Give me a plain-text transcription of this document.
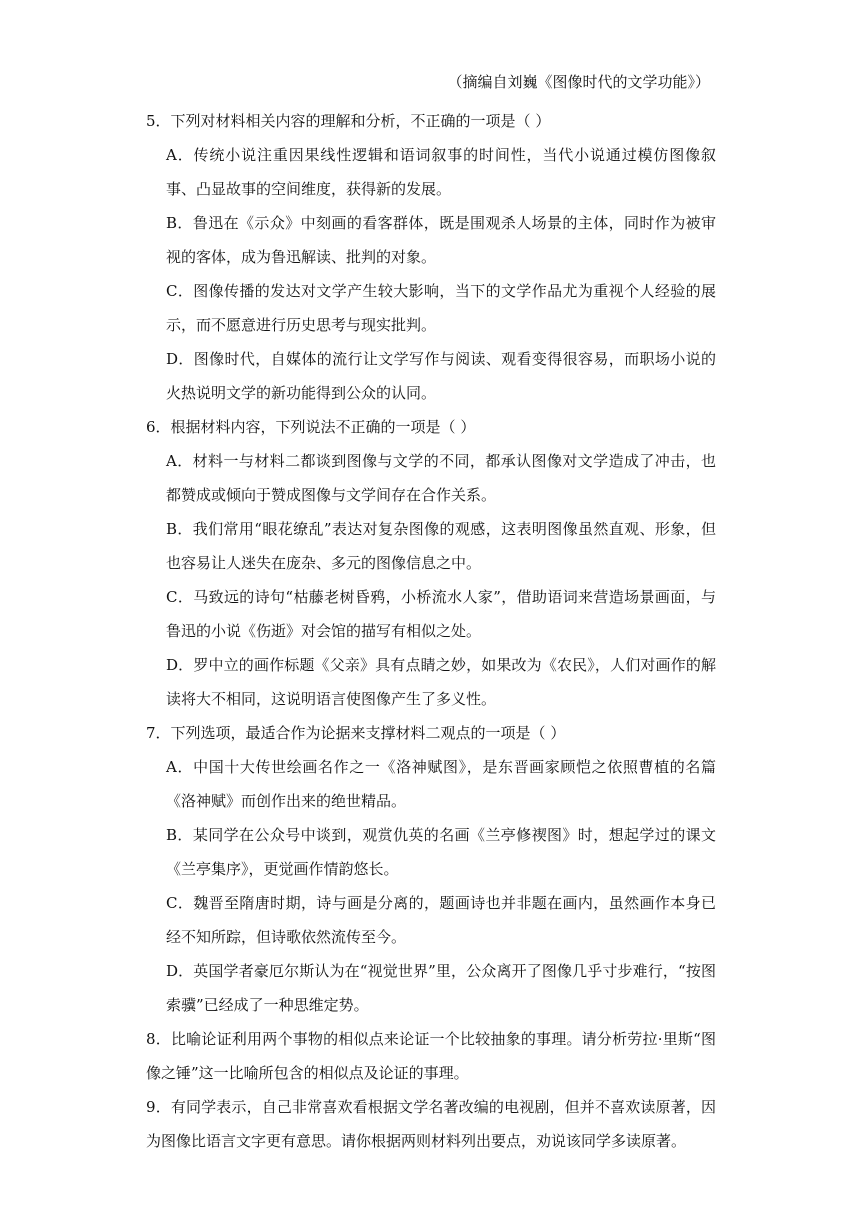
（摘编自刘巍《图像时代的文学功能》）

5．下列对材料相关内容的理解和分析，不正确的一项是（ ）

A．传统小说注重因果线性逻辑和语词叙事的时间性，当代小说通过模仿图像叙事、凸显故事的空间维度，获得新的发展。

B．鲁迅在《示众》中刻画的看客群体，既是围观杀人场景的主体，同时作为被审视的客体，成为鲁迅解读、批判的对象。

C．图像传播的发达对文学产生较大影响，当下的文学作品尤为重视个人经验的展示，而不愿意进行历史思考与现实批判。

D．图像时代，自媒体的流行让文学写作与阅读、观看变得很容易，而职场小说的火热说明文学的新功能得到公众的认同。

6．根据材料内容，下列说法不正确的一项是（ ）

A．材料一与材料二都谈到图像与文学的不同，都承认图像对文学造成了冲击，也都赞成或倾向于赞成图像与文学间存在合作关系。

B．我们常用“眼花缭乱”表达对复杂图像的观感，这表明图像虽然直观、形象，但也容易让人迷失在庞杂、多元的图像信息之中。

C．马致远的诗句“枯藤老树昏鸦，小桥流水人家”，借助语词来营造场景画面，与鲁迅的小说《伤逝》对会馆的描写有相似之处。

D．罗中立的画作标题《父亲》具有点睛之妙，如果改为《农民》，人们对画作的解读将大不相同，这说明语言使图像产生了多义性。

7．下列选项，最适合作为论据来支撑材料二观点的一项是（ ）

A．中国十大传世绘画名作之一《洛神赋图》，是东晋画家顾恺之依照曹植的名篇《洛神赋》而创作出来的绝世精品。

B．某同学在公众号中谈到，观赏仇英的名画《兰亭修禊图》时，想起学过的课文《兰亭集序》，更觉画作情韵悠长。

C．魏晋至隋唐时期，诗与画是分离的，题画诗也并非题在画内，虽然画作本身已经不知所踪，但诗歌依然流传至今。

D．英国学者豪厄尔斯认为在“视觉世界”里，公众离开了图像几乎寸步难行，“按图索骥”已经成了一种思维定势。

8．比喻论证利用两个事物的相似点来论证一个比较抽象的事理。请分析劳拉·里斯“图像之锤”这一比喻所包含的相似点及论证的事理。

9．有同学表示，自己非常喜欢看根据文学名著改编的电视剧，但并不喜欢读原著，因为图像比语言文字更有意思。请你根据两则材料列出要点，劝说该同学多读原著。
